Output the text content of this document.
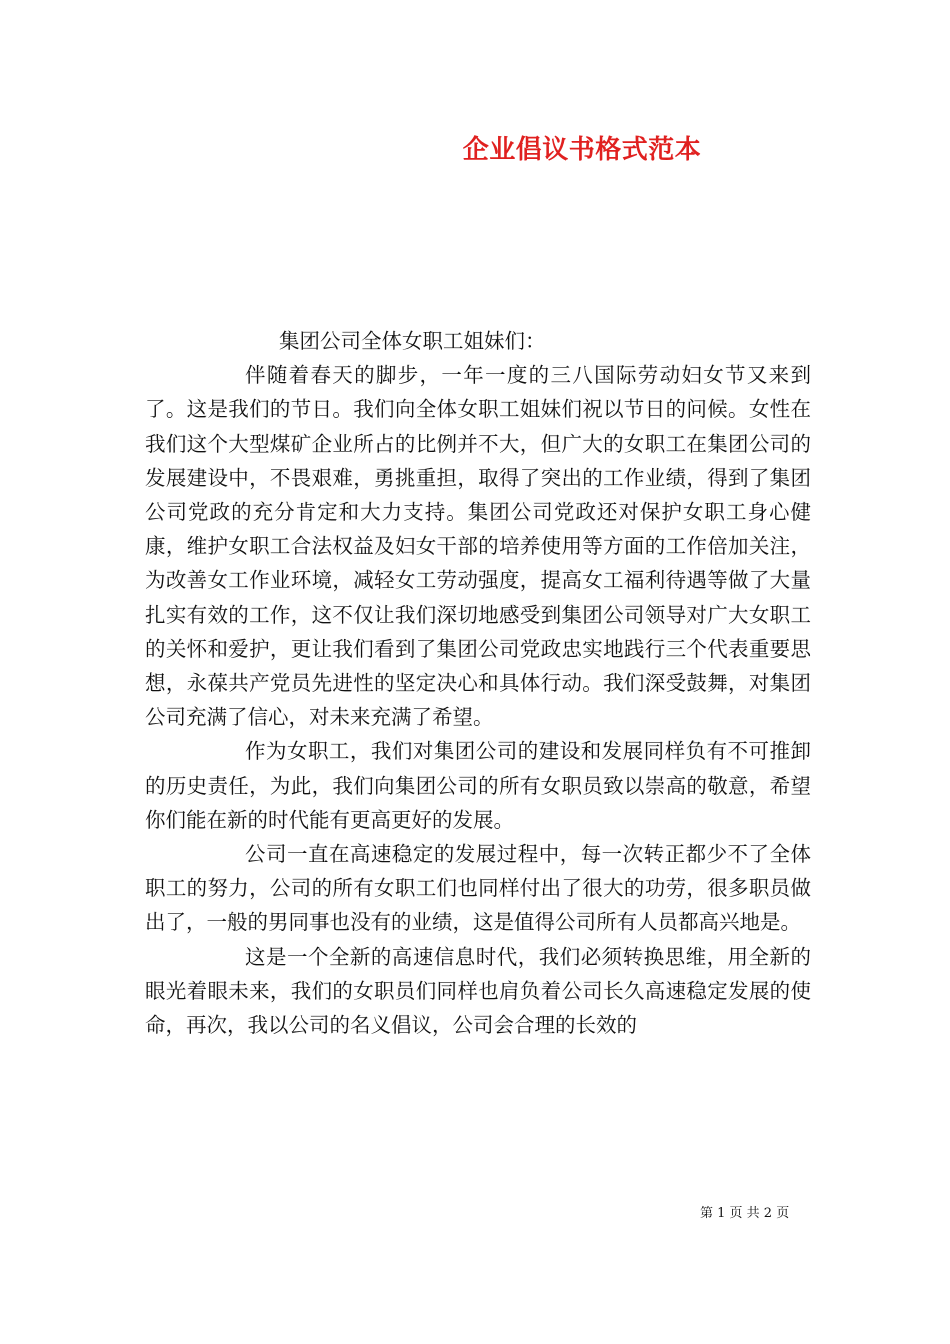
企业倡议书格式范本

集团公司全体女职工姐妹们：

伴随着春天的脚步，一年一度的三八国际劳动妇女节又来到了。这是我们的节日。我们向全体女职工姐妹们祝以节日的问候。女性在我们这个大型煤矿企业所占的比例并不大，但广大的女职工在集团公司的发展建设中，不畏艰难，勇挑重担，取得了突出的工作业绩，得到了集团公司党政的充分肯定和大力支持。集团公司党政还对保护女职工身心健康，维护女职工合法权益及妇女干部的培养使用等方面的工作倍加关注，为改善女工作业环境，减轻女工劳动强度，提高女工福利待遇等做了大量扎实有效的工作，这不仅让我们深切地感受到集团公司领导对广大女职工的关怀和爱护，更让我们看到了集团公司党政忠实地践行三个代表重要思想，永葆共产党员先进性的坚定决心和具体行动。我们深受鼓舞，对集团公司充满了信心，对未来充满了希望。

作为女职工，我们对集团公司的建设和发展同样负有不可推卸的历史责任，为此，我们向集团公司的所有女职员致以崇高的敬意，希望你们能在新的时代能有更高更好的发展。

公司一直在高速稳定的发展过程中，每一次转正都少不了全体职工的努力，公司的所有女职工们也同样付出了很大的功劳，很多职员做出了，一般的男同事也没有的业绩，这是值得公司所有人员都高兴地是。

这是一个全新的高速信息时代，我们必须转换思维，用全新的眼光着眼未来，我们的女职员们同样也肩负着公司长久高速稳定发展的使命，再次，我以公司的名义倡议，公司会合理的长效的

第 1 页 共 2 页
